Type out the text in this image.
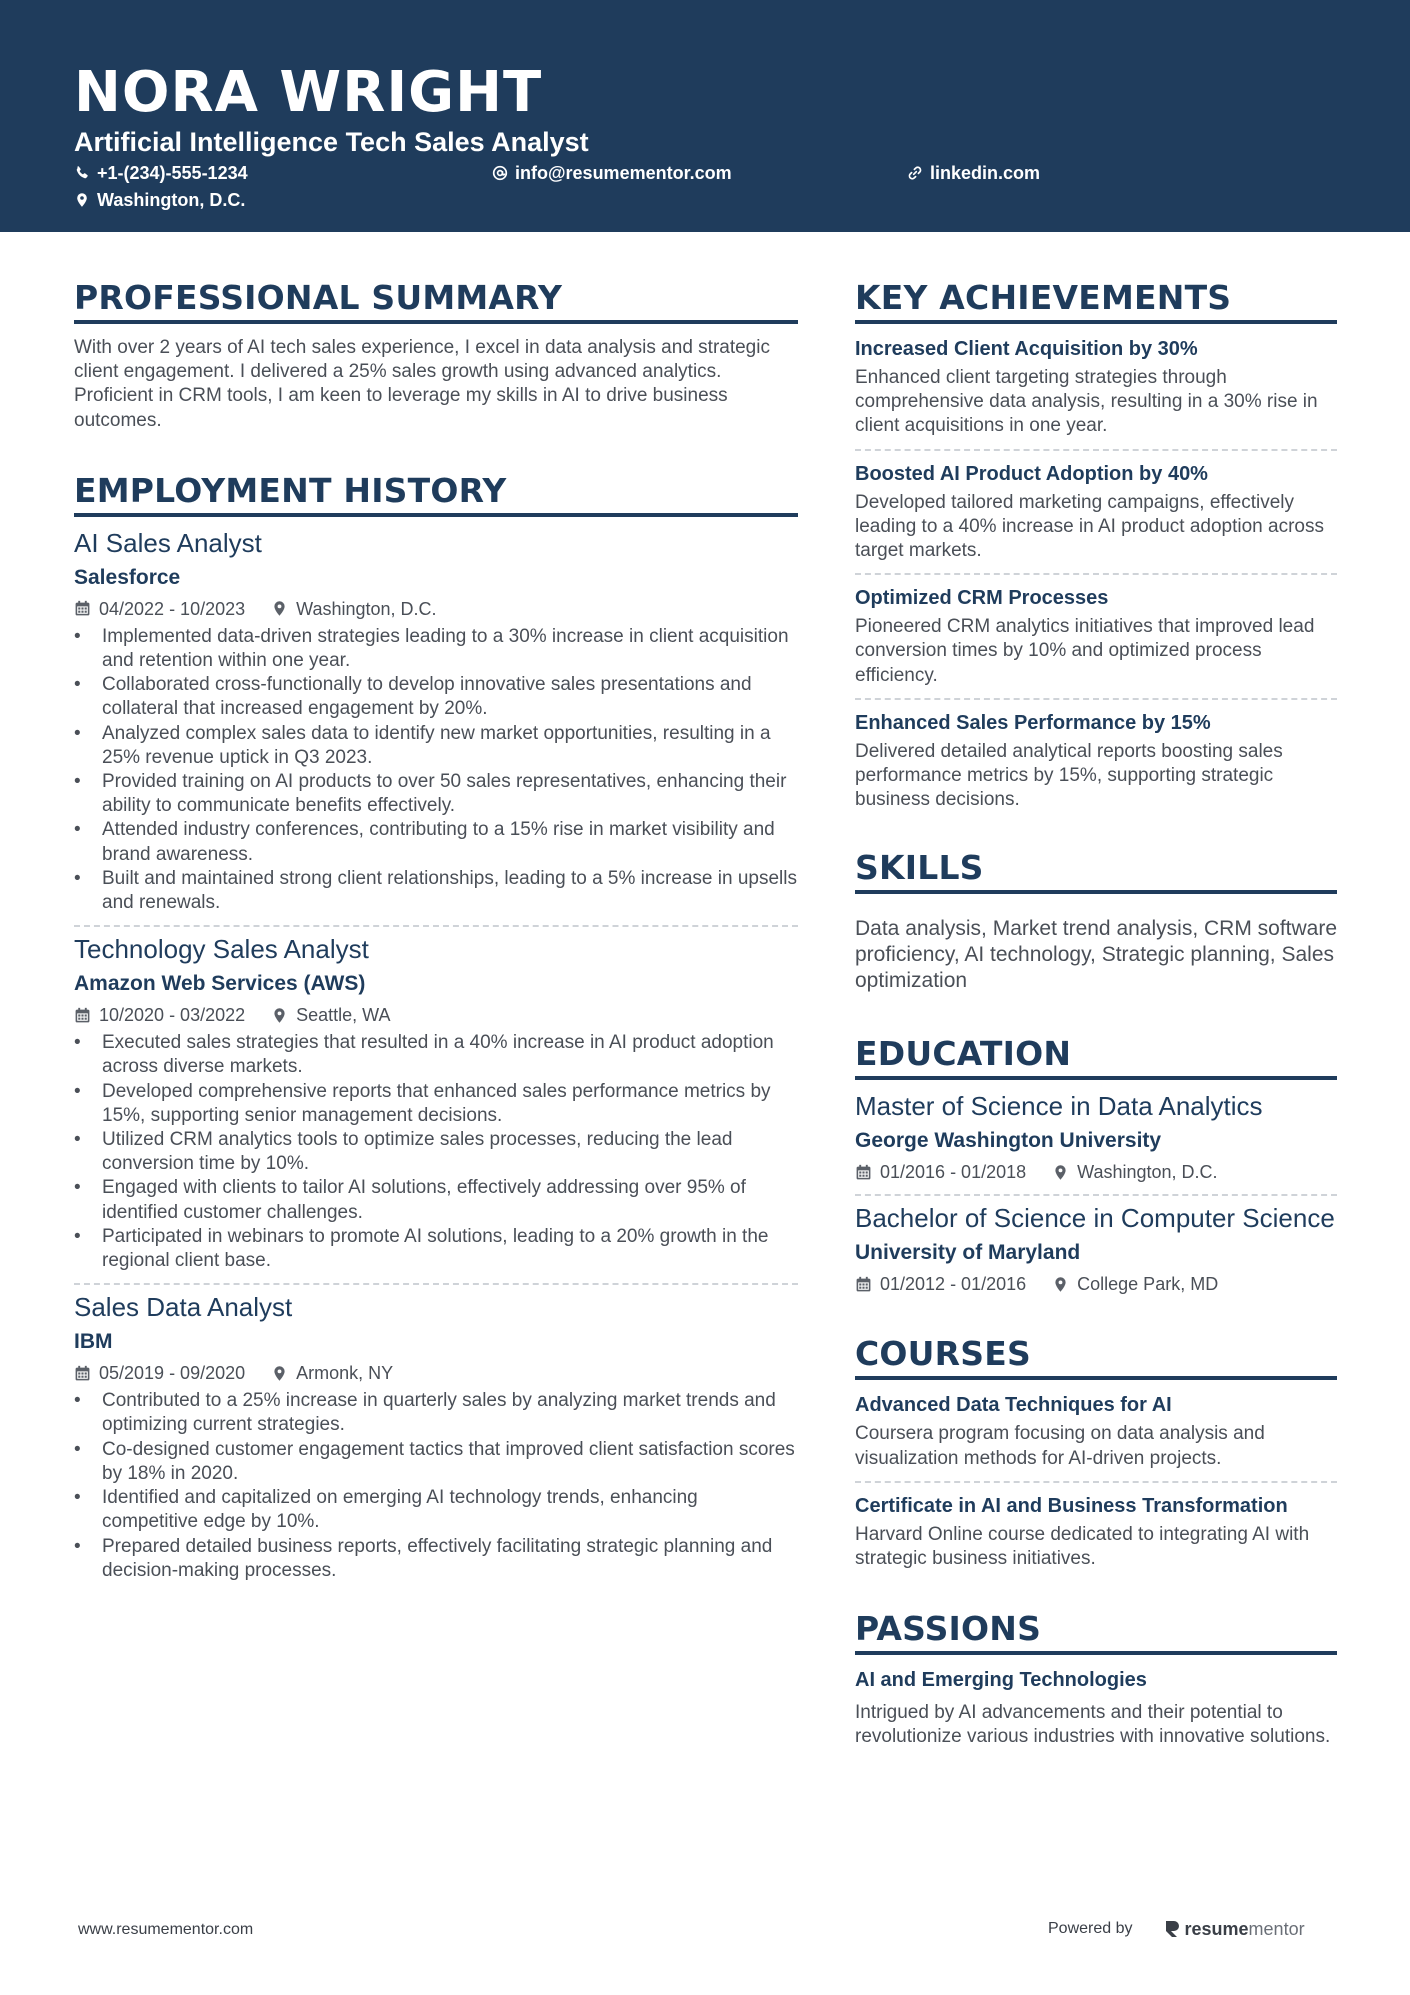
NORA WRIGHT
Artificial Intelligence Tech Sales Analyst
+1-(234)-555-1234	info@resumementor.com	linkedin.com
Washington, D.C.
PROFESSIONAL SUMMARY
With over 2 years of AI tech sales experience, I excel in data analysis and strategic client engagement. I delivered a 25% sales growth using advanced analytics. Proficient in CRM tools, I am keen to leverage my skills in AI to drive business outcomes.
EMPLOYMENT HISTORY
AI Sales Analyst
Salesforce
04/2022 - 10/2023	Washington, D.C.
• Implemented data-driven strategies leading to a 30% increase in client acquisition and retention within one year.
• Collaborated cross-functionally to develop innovative sales presentations and collateral that increased engagement by 20%.
• Analyzed complex sales data to identify new market opportunities, resulting in a 25% revenue uptick in Q3 2023.
• Provided training on AI products to over 50 sales representatives, enhancing their ability to communicate benefits effectively.
• Attended industry conferences, contributing to a 15% rise in market visibility and brand awareness.
• Built and maintained strong client relationships, leading to a 5% increase in upsells and renewals.
Technology Sales Analyst
Amazon Web Services (AWS)
10/2020 - 03/2022	Seattle, WA
• Executed sales strategies that resulted in a 40% increase in AI product adoption across diverse markets.
• Developed comprehensive reports that enhanced sales performance metrics by 15%, supporting senior management decisions.
• Utilized CRM analytics tools to optimize sales processes, reducing the lead conversion time by 10%.
• Engaged with clients to tailor AI solutions, effectively addressing over 95% of identified customer challenges.
• Participated in webinars to promote AI solutions, leading to a 20% growth in the regional client base.
Sales Data Analyst
IBM
05/2019 - 09/2020	Armonk, NY
• Contributed to a 25% increase in quarterly sales by analyzing market trends and optimizing current strategies.
• Co-designed customer engagement tactics that improved client satisfaction scores by 18% in 2020.
• Identified and capitalized on emerging AI technology trends, enhancing competitive edge by 10%.
• Prepared detailed business reports, effectively facilitating strategic planning and decision-making processes.
KEY ACHIEVEMENTS
Increased Client Acquisition by 30%
Enhanced client targeting strategies through comprehensive data analysis, resulting in a 30% rise in client acquisitions in one year.
Boosted AI Product Adoption by 40%
Developed tailored marketing campaigns, effectively leading to a 40% increase in AI product adoption across target markets.
Optimized CRM Processes
Pioneered CRM analytics initiatives that improved lead conversion times by 10% and optimized process efficiency.
Enhanced Sales Performance by 15%
Delivered detailed analytical reports boosting sales performance metrics by 15%, supporting strategic business decisions.
SKILLS
Data analysis, Market trend analysis, CRM software proficiency, AI technology, Strategic planning, Sales optimization
EDUCATION
Master of Science in Data Analytics
George Washington University
01/2016 - 01/2018	Washington, D.C.
Bachelor of Science in Computer Science
University of Maryland
01/2012 - 01/2016	College Park, MD
COURSES
Advanced Data Techniques for AI
Coursera program focusing on data analysis and visualization methods for AI-driven projects.
Certificate in AI and Business Transformation
Harvard Online course dedicated to integrating AI with strategic business initiatives.
PASSIONS
AI and Emerging Technologies
Intrigued by AI advancements and their potential to revolutionize various industries with innovative solutions.
www.resumementor.com	Powered by	resume mentor
